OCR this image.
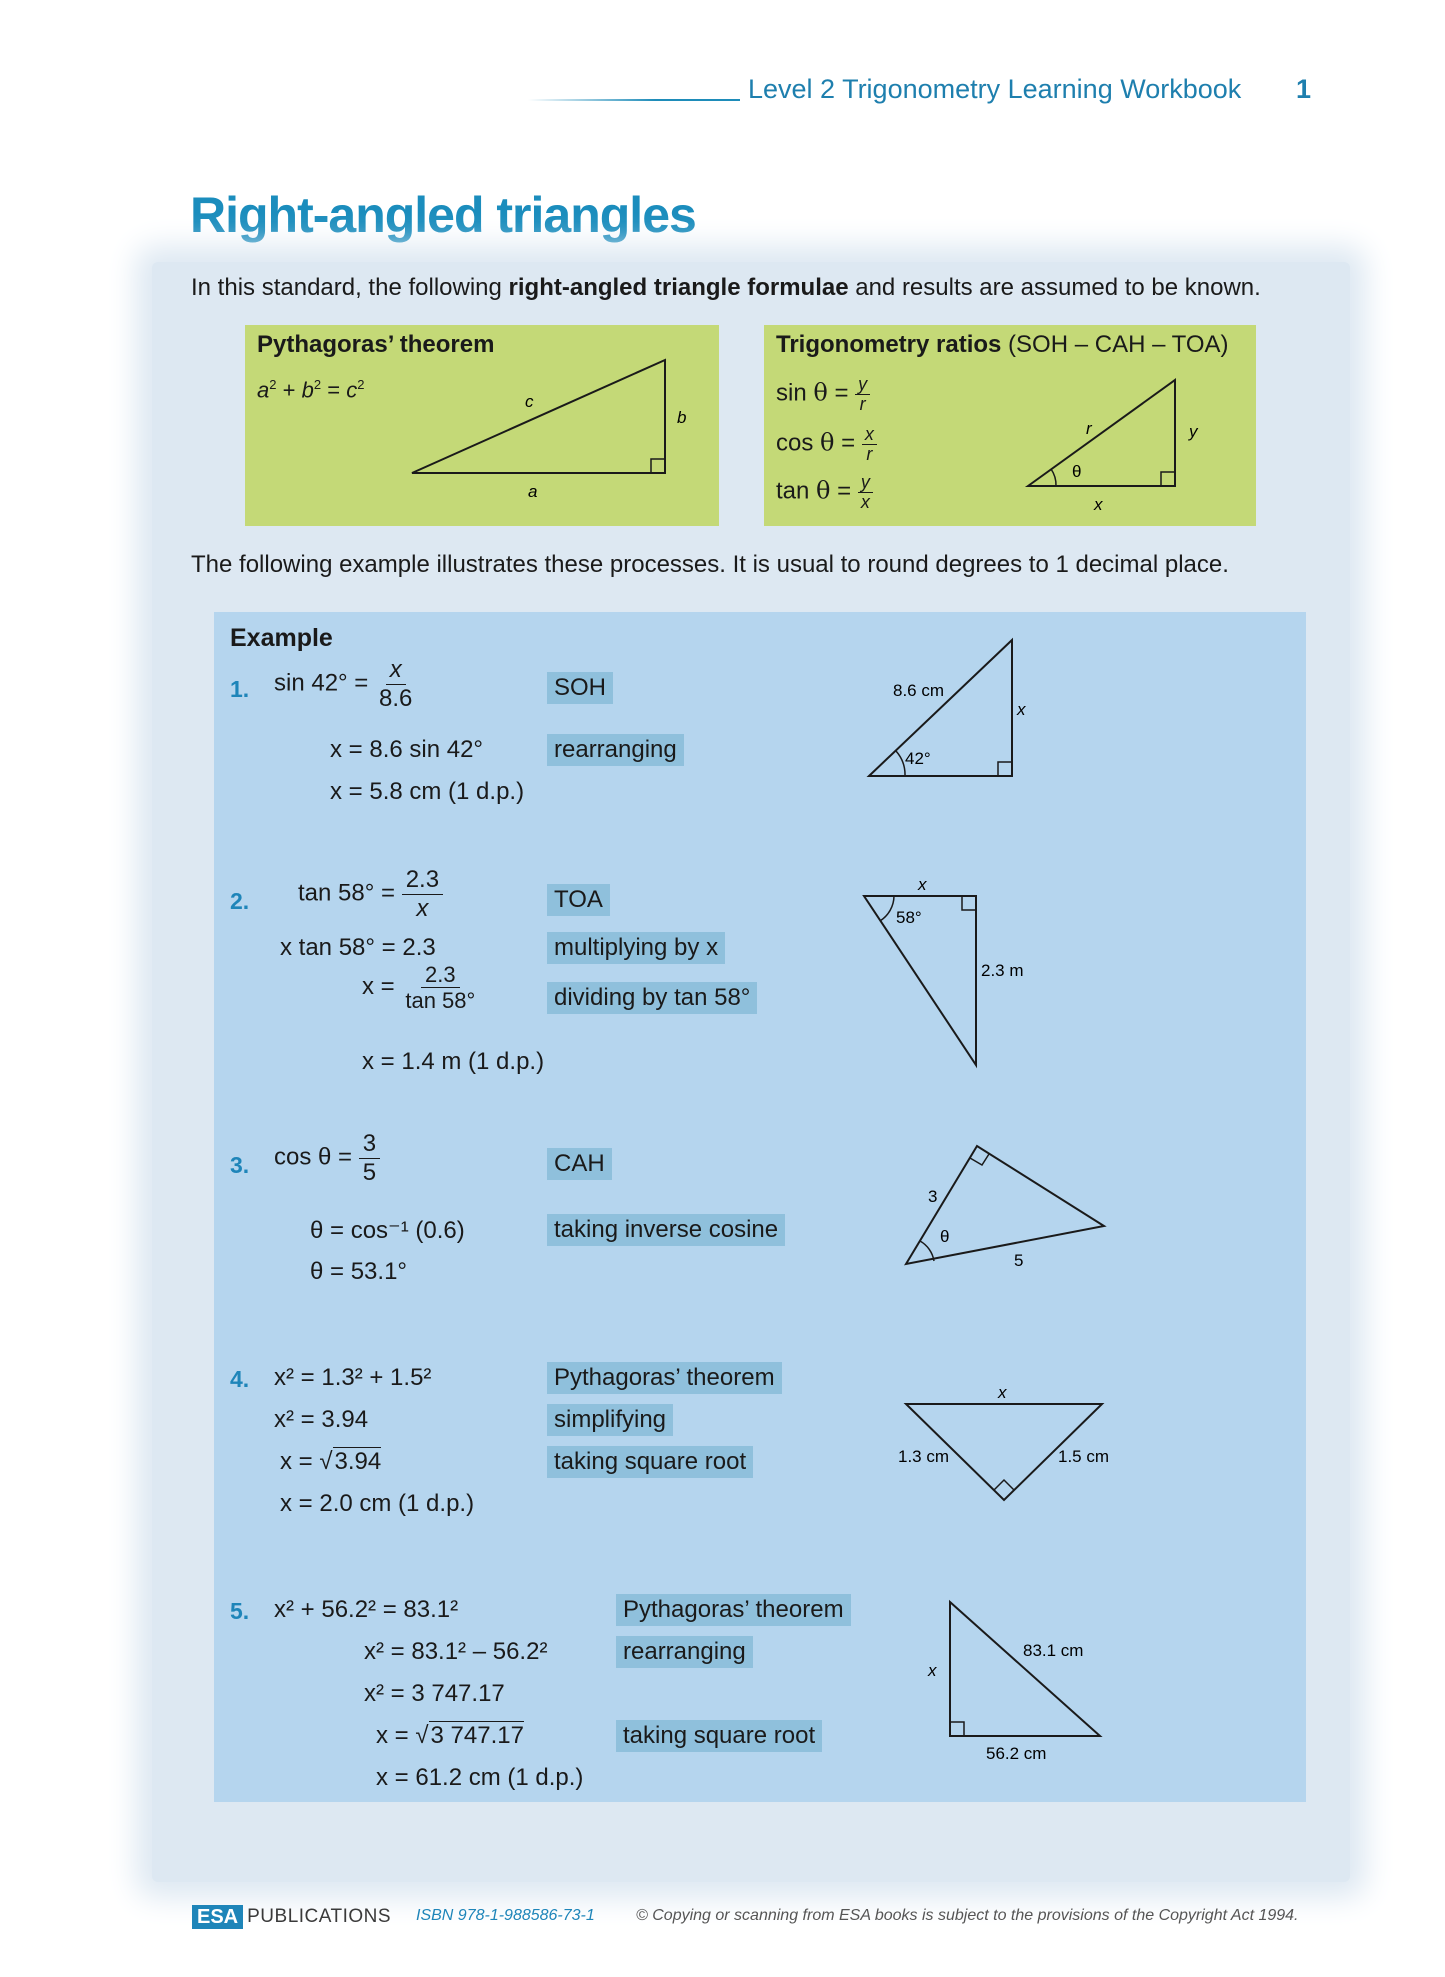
Level 2 Trigonometry Learning Workbook 1
Right-angled triangles
In this standard, the following right-angled triangle formulae and results are assumed to be known.
Pythagoras’ theorem
$a^2 + b^2 = c^2$
c
b
a
Trigonometry ratios (SOH – CAH – TOA)
$\sin \theta = \frac{y}{r}$
$\cos \theta = \frac{x}{r}$
$\tan \theta = \frac{y}{x}$
r	y
θ
x
The following example illustrates these processes. It is usual to round degrees to 1 decimal place.
Example
1. $\sin 42^\circ = \frac{x}{8.6}$	SOH
x = 8.6 sin 42°	rearranging
x = 5.8 cm (1 d.p.)
8.6 cm
x
42°
2. $\tan 58^\circ = \frac{2.3}{x}$	TOA
x tan 58° = 2.3	multiplying by x
$x = \frac{2.3}{\tan 58^\circ}$	dividing by tan 58°
x = 1.4 m (1 d.p.)
x
58°
2.3 m
3. $\cos \theta = \frac{3}{5}$	CAH
θ = cos⁻¹ (0.6)	taking inverse cosine
θ = 53.1°
3
θ
5
4. x² = 1.3² + 1.5²	Pythagoras’ theorem
x² = 3.94	simplifying
x = √3.94	taking square root
x = 2.0 cm (1 d.p.)
x
1.3 cm	1.5 cm
5. x² + 56.2² = 83.1²	Pythagoras’ theorem
x² = 83.1² – 56.2²	rearranging
x² = 3 747.17
x = √3 747.17	taking square root
x = 61.2 cm (1 d.p.)
x
83.1 cm
56.2 cm
ESA PUBLICATIONS ISBN 978-1-988586-73-1	© Copying or scanning from ESA books is subject to the provisions of the Copyright Act 1994.
